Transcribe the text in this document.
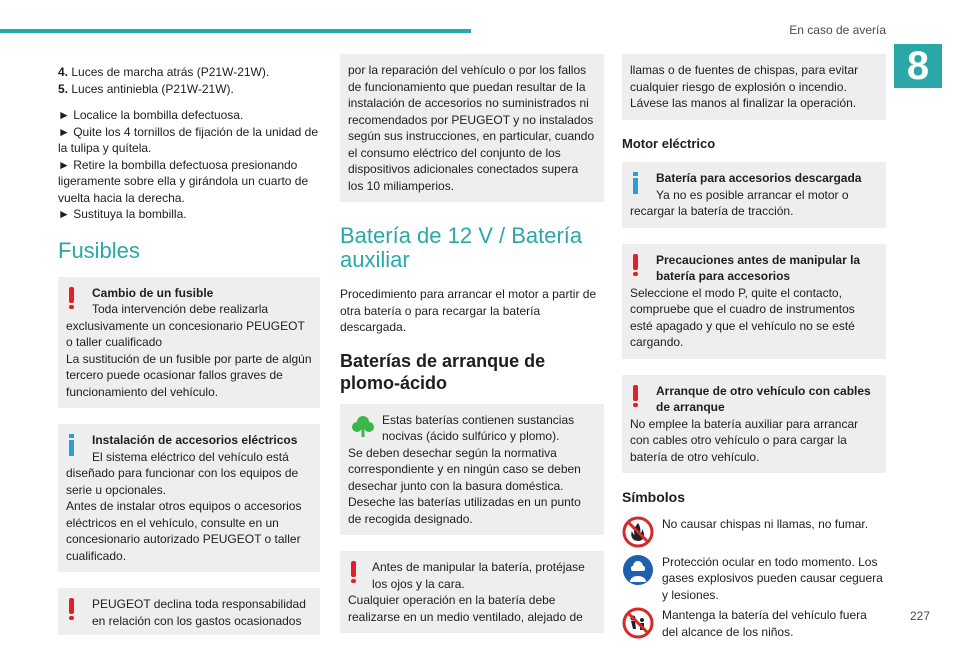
En caso de avería
8
227

4. Luces de marcha atrás (P21W-21W).

5. Luces antiniebla (P21W-21W).

► Localice la bombilla defectuosa.

► Quite los 4 tornillos de fijación de la unidad de la tulipa y quítela.

► Retire la bombilla defectuosa presionando ligeramente sobre ella y girándola un cuarto de vuelta hacia la derecha.

► Sustituya la bombilla.

Fusibles
Cambio de un fusible
Toda intervención debe realizarla
exclusivamente un concesionario PEUGEOT o taller cualificado
La sustitución de un fusible por parte de algún tercero puede ocasionar fallos graves de funcionamiento del vehículo.
Instalación de accesorios eléctricos
El sistema eléctrico del vehículo está
diseñado para funcionar con los equipos de serie u opcionales.
Antes de instalar otros equipos o accesorios eléctricos en el vehículo, consulte en un concesionario autorizado PEUGEOT o taller cualificado.
PEUGEOT declina toda responsabilidad
en relación con los gastos ocasionados
por la reparación del vehículo o por los fallos de funcionamiento que puedan resultar de la instalación de accesorios no suministrados ni recomendados por PEUGEOT y no instalados según sus instrucciones, en particular, cuando el consumo eléctrico del conjunto de los dispositivos adicionales conectados supera los 10 miliamperios.
Batería de 12 V / Batería auxiliar

Procedimiento para arrancar el motor a partir de otra batería o para recargar la batería descargada.

Baterías de arranque de plomo-ácido
Estas baterías contienen sustancias nocivas (ácido sulfúrico y plomo).
Se deben desechar según la normativa correspondiente y en ningún caso se deben desechar junto con la basura doméstica.
Deseche las baterías utilizadas en un punto de recogida designado.
Antes de manipular la batería, protéjase los ojos y la cara.
Cualquier operación en la batería debe realizarse en un medio ventilado, alejado de
llamas o de fuentes de chispas, para evitar cualquier riesgo de explosión o incendio. Lávese las manos al finalizar la operación.
Motor eléctrico
Batería para accesorios descargada
Ya no es posible arrancar el motor o
recargar la batería de tracción.
Precauciones antes de manipular la batería para accesorios
Seleccione el modo P, quite el contacto, compruebe que el cuadro de instrumentos esté apagado y que el vehículo no se esté cargando.
Arranque de otro vehículo con cables de arranque
No emplee la batería auxiliar para arrancar con cables otro vehículo o para cargar la batería de otro vehículo.
Símbolos
No causar chispas ni llamas, no fumar.
Protección ocular en todo momento. Los gases explosivos pueden causar ceguera y lesiones.
Mantenga la batería del vehículo fuera del alcance de los niños.
